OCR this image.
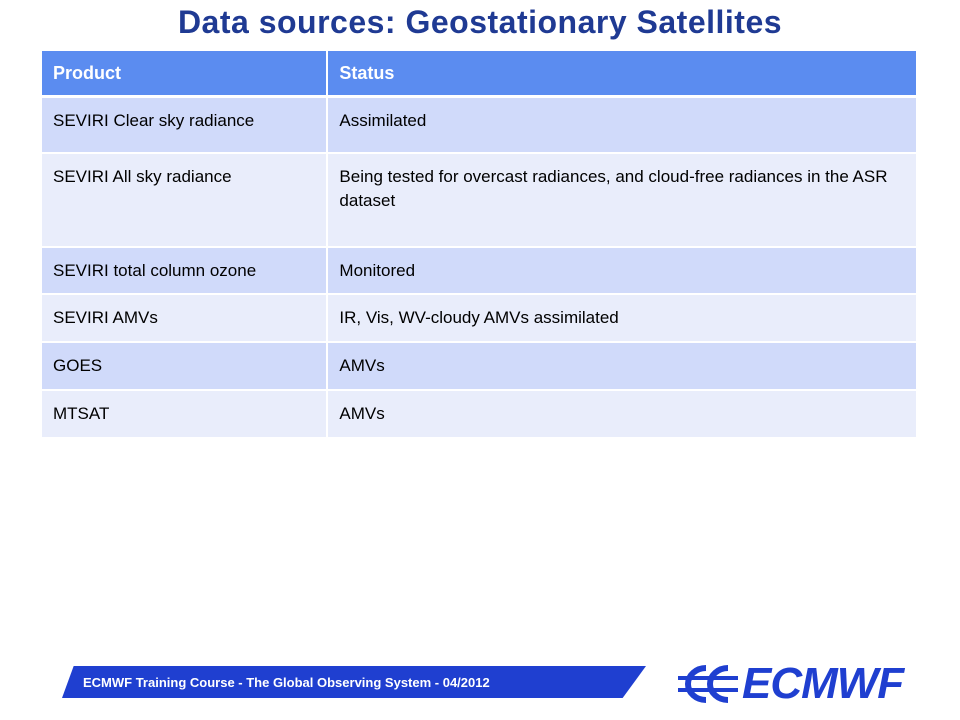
Data sources: Geostationary Satellites
Product	Status
SEVIRI Clear sky radiance	Assimilated
SEVIRI All sky radiance	Being tested for overcast radiances, and cloud-free radiances in the ASR dataset
SEVIRI total column ozone	Monitored
SEVIRI AMVs	IR, Vis, WV-cloudy AMVs assimilated
GOES	AMVs
MTSAT	AMVs
ECMWF Training Course - The Global Observing System - 04/2012	ECMWF
